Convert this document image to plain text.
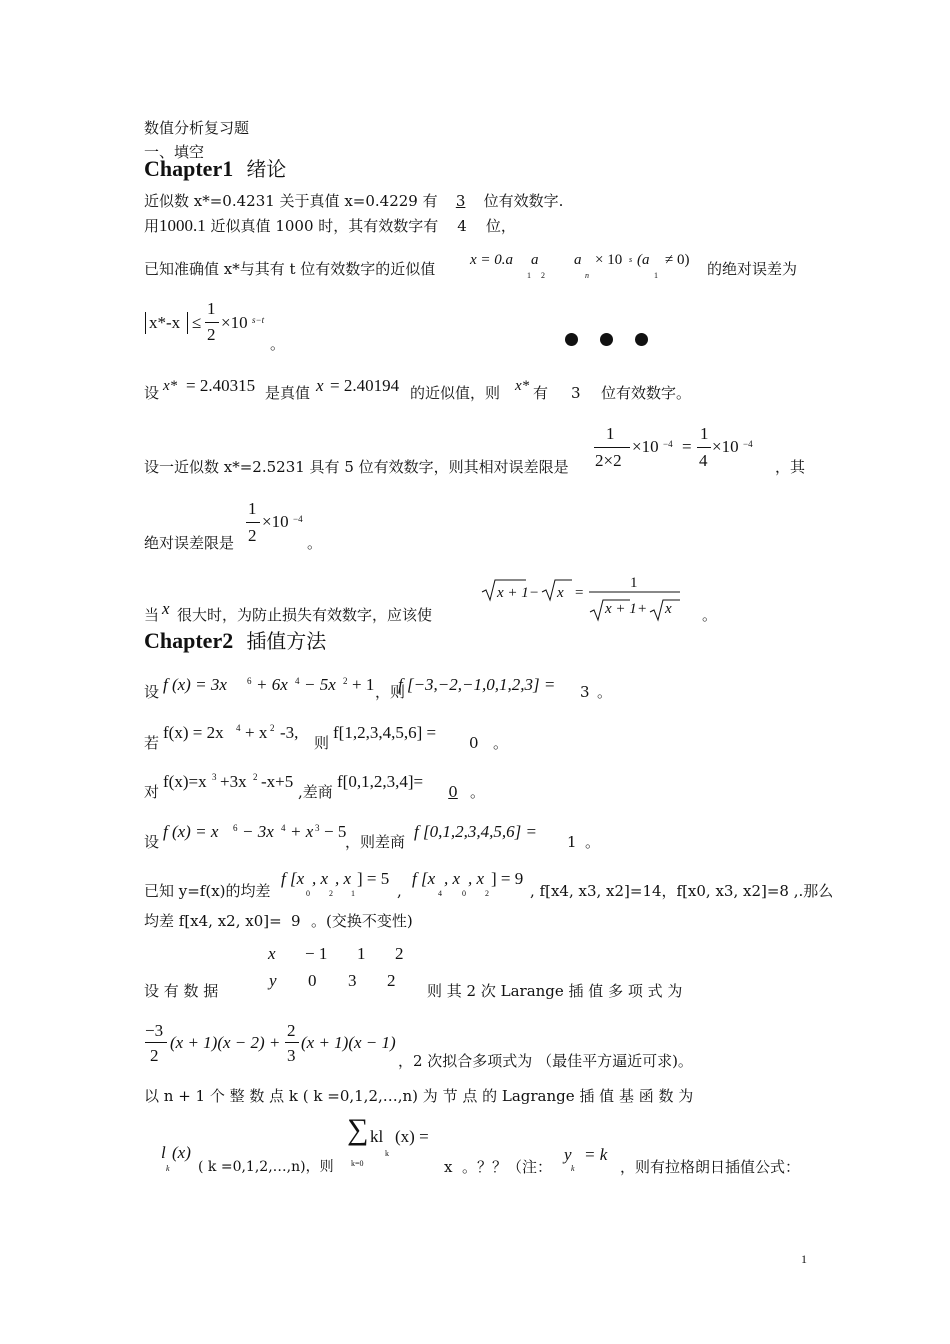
数值分析复习题
一、填空
Chapter1 绪论
近似数 x*=0.4231 关于真值 x=0.4229 有 3 位有效数字.
用1000.1 近似真值 1000 时，其有效数字有 4 位，
已知准确值 x*与其有 t 位有效数字的近似值 x = 0.a
1
a
2
a
n
× 10 s (a
1
≠ 0) 的绝对误差为
x*-x ≤
1
2
×10 s−t
。
设 x* = 2.40315 是真值 x = 2.40194 的近似值，则 x* 有 3 位有效数字。
设一近似数 x*=2.5231 具有 5 位有效数字，则其相对误差限是
1
2×2
×10 −4 =
1
4
×10 −4
，其
绝对误差限是
1
2
×10 −4
。
当 x 很大时，为防止损失有效数字，应该使
x + 1 − x =
1
x + 1 + x 。
Chapter2 插值方法
设 f (x) = 3x 6 + 6x 4 − 5x 2 + 1 ，则
f [−3,−2,−1,0,1,2,3] = 3 。
若
f(x) = 2x 4 + x 2 -3,
则
f[1,2,3,4,5,6] =
0 。
对
f(x)=x 3 +3x 2 -x+5
,差商
f[0,1,2,3,4]=
0 。
设
f (x) = x 6 − 3x 4 + x 3 − 5
，则差商
f [0,1,2,3,4,5,6] =
1 。
已知 y=f(x)的均差
f [x
0
, x
2
, x
1
] = 5
,
f [x
4
, x
0
, x
2
] = 9
, f[x4, x3, x2]=14，f[x0, x3, x2]=8 ,.那么
均差 f[x4, x2, x0]= 9 。(交换不变性)
x − 1 1 2
y 0 3 2
设 有 数 据	则 其 2 次 Larange 插 值 多 项 式 为
−3
2
(x + 1)(x − 2) +
2
3
(x + 1)(x − 1)
，2 次拟合多项式为 （最佳平方逼近可求)。
以 n + 1 个 整 数 点 k ( k =0,1,2,…,n) 为 节 点 的 Lagrange 插 值 基 函 数 为
l
k
(x)
( k =0,1,2,…,n)，则
∑
k=0
kl
k
(x) =
x 。？？（注：
y
k
= k
，则有拉格朗日插值公式：
1
